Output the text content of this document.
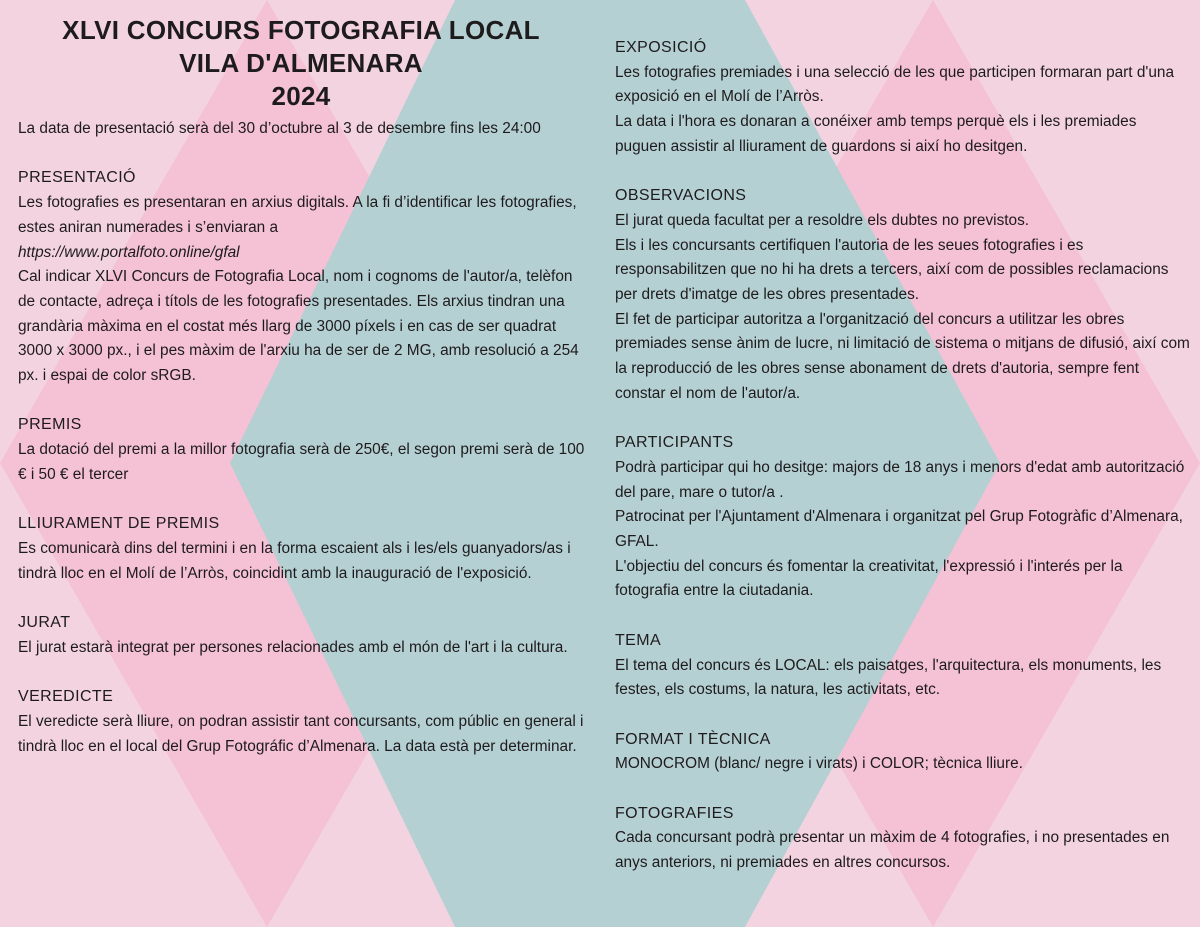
XLVI CONCURS FOTOGRAFIA LOCAL
VILA D'ALMENARA
2024

La data de presentació serà del 30 d’octubre al 3 de desembre fins les 24:00

PRESENTACIÓ

Les fotografies es presentaran en arxius digitals. A la fi d’identificar les fotografies, estes aniran numerades i s’enviaran a

https://www.portalfoto.online/gfal

Cal indicar XLVI Concurs de Fotografia Local, nom i cognoms de l'autor/a, telèfon de contacte, adreça i títols de les fotografies presentades. Els arxius tindran una grandària màxima en el costat més llarg de 3000 píxels i en cas de ser quadrat 3000 x 3000 px., i el pes màxim de l'arxiu ha de ser de 2 MG, amb resolució a 254 px. i espai de color sRGB.

PREMIS

La dotació del premi a la millor fotografia serà de 250€, el segon premi serà de 100 € i 50 € el tercer

LLIURAMENT DE PREMIS

Es comunicarà dins del termini i en la forma escaient als i les/els guanyadors/as i tindrà lloc en el Molí de l’Arròs, coincidint amb la inauguració de l'exposició.

JURAT

El jurat estarà integrat per persones relacionades amb el món de l'art i la cultura.

VEREDICTE

El veredicte serà lliure, on podran assistir tant concursants, com públic en general i tindrà lloc en el local del Grup Fotográfic d’Almenara. La data està per determinar.

EXPOSICIÓ

Les fotografies premiades i una selecció de les que participen formaran part d'una exposició en el Molí de l’Arròs.

La data i l'hora es donaran a conéixer amb temps perquè els i les premiades puguen assistir al lliurament de guardons si així ho desitgen.

OBSERVACIONS

El jurat queda facultat per a resoldre els dubtes no previstos.

Els i les concursants certifiquen l'autoria de les seues fotografies i es responsabilitzen que no hi ha drets a tercers, així com de possibles reclamacions per drets d'imatge de les obres presentades.

El fet de participar autoritza a l'organització del concurs a utilitzar les obres premiades sense ànim de lucre, ni limitació de sistema o mitjans de difusió, així com la reproducció de les obres sense abonament de drets d'autoria, sempre fent constar el nom de l'autor/a.

PARTICIPANTS

Podrà participar qui ho desitge: majors de 18 anys i menors d'edat amb autorització del pare, mare o tutor/a .

Patrocinat per l'Ajuntament d'Almenara i organitzat pel Grup Fotogràfic d’Almenara, GFAL.

L'objectiu del concurs és fomentar la creativitat, l'expressió i l'interés per la fotografia entre la ciutadania.

TEMA

El tema del concurs és LOCAL: els paisatges, l'arquitectura, els monuments, les festes, els costums, la natura, les activitats, etc.

FORMAT I TÈCNICA

MONOCROM (blanc/ negre i virats) i COLOR; tècnica lliure.

FOTOGRAFIES

Cada concursant podrà presentar un màxim de 4 fotografies, i no presentades en anys anteriors, ni premiades en altres concursos.
